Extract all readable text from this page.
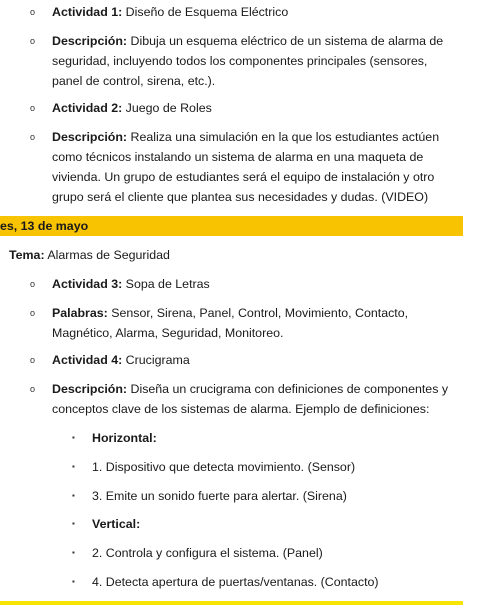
o Actividad 1: Diseño de Esquema Eléctrico
o Descripción: Dibuja un esquema eléctrico de un sistema de alarma de seguridad, incluyendo todos los componentes principales (sensores, panel de control, sirena, etc.).
o Actividad 2: Juego de Roles
o Descripción: Realiza una simulación en la que los estudiantes actúen como técnicos instalando un sistema de alarma en una maqueta de vivienda. Un grupo de estudiantes será el equipo de instalación y otro grupo será el cliente que plantea sus necesidades y dudas. (VIDEO)
es, 13 de mayo
Tema: Alarmas de Seguridad
o Actividad 3: Sopa de Letras
o Palabras: Sensor, Sirena, Panel, Control, Movimiento, Contacto, Magnético, Alarma, Seguridad, Monitoreo.
o Actividad 4: Crucigrama
o Descripción: Diseña un crucigrama con definiciones de componentes y conceptos clave de los sistemas de alarma. Ejemplo de definiciones:
▪ Horizontal:
▪ 1. Dispositivo que detecta movimiento. (Sensor)
▪ 3. Emite un sonido fuerte para alertar. (Sirena)
▪ Vertical:
▪ 2. Controla y configura el sistema. (Panel)
▪ 4. Detecta apertura de puertas/ventanas. (Contacto)
